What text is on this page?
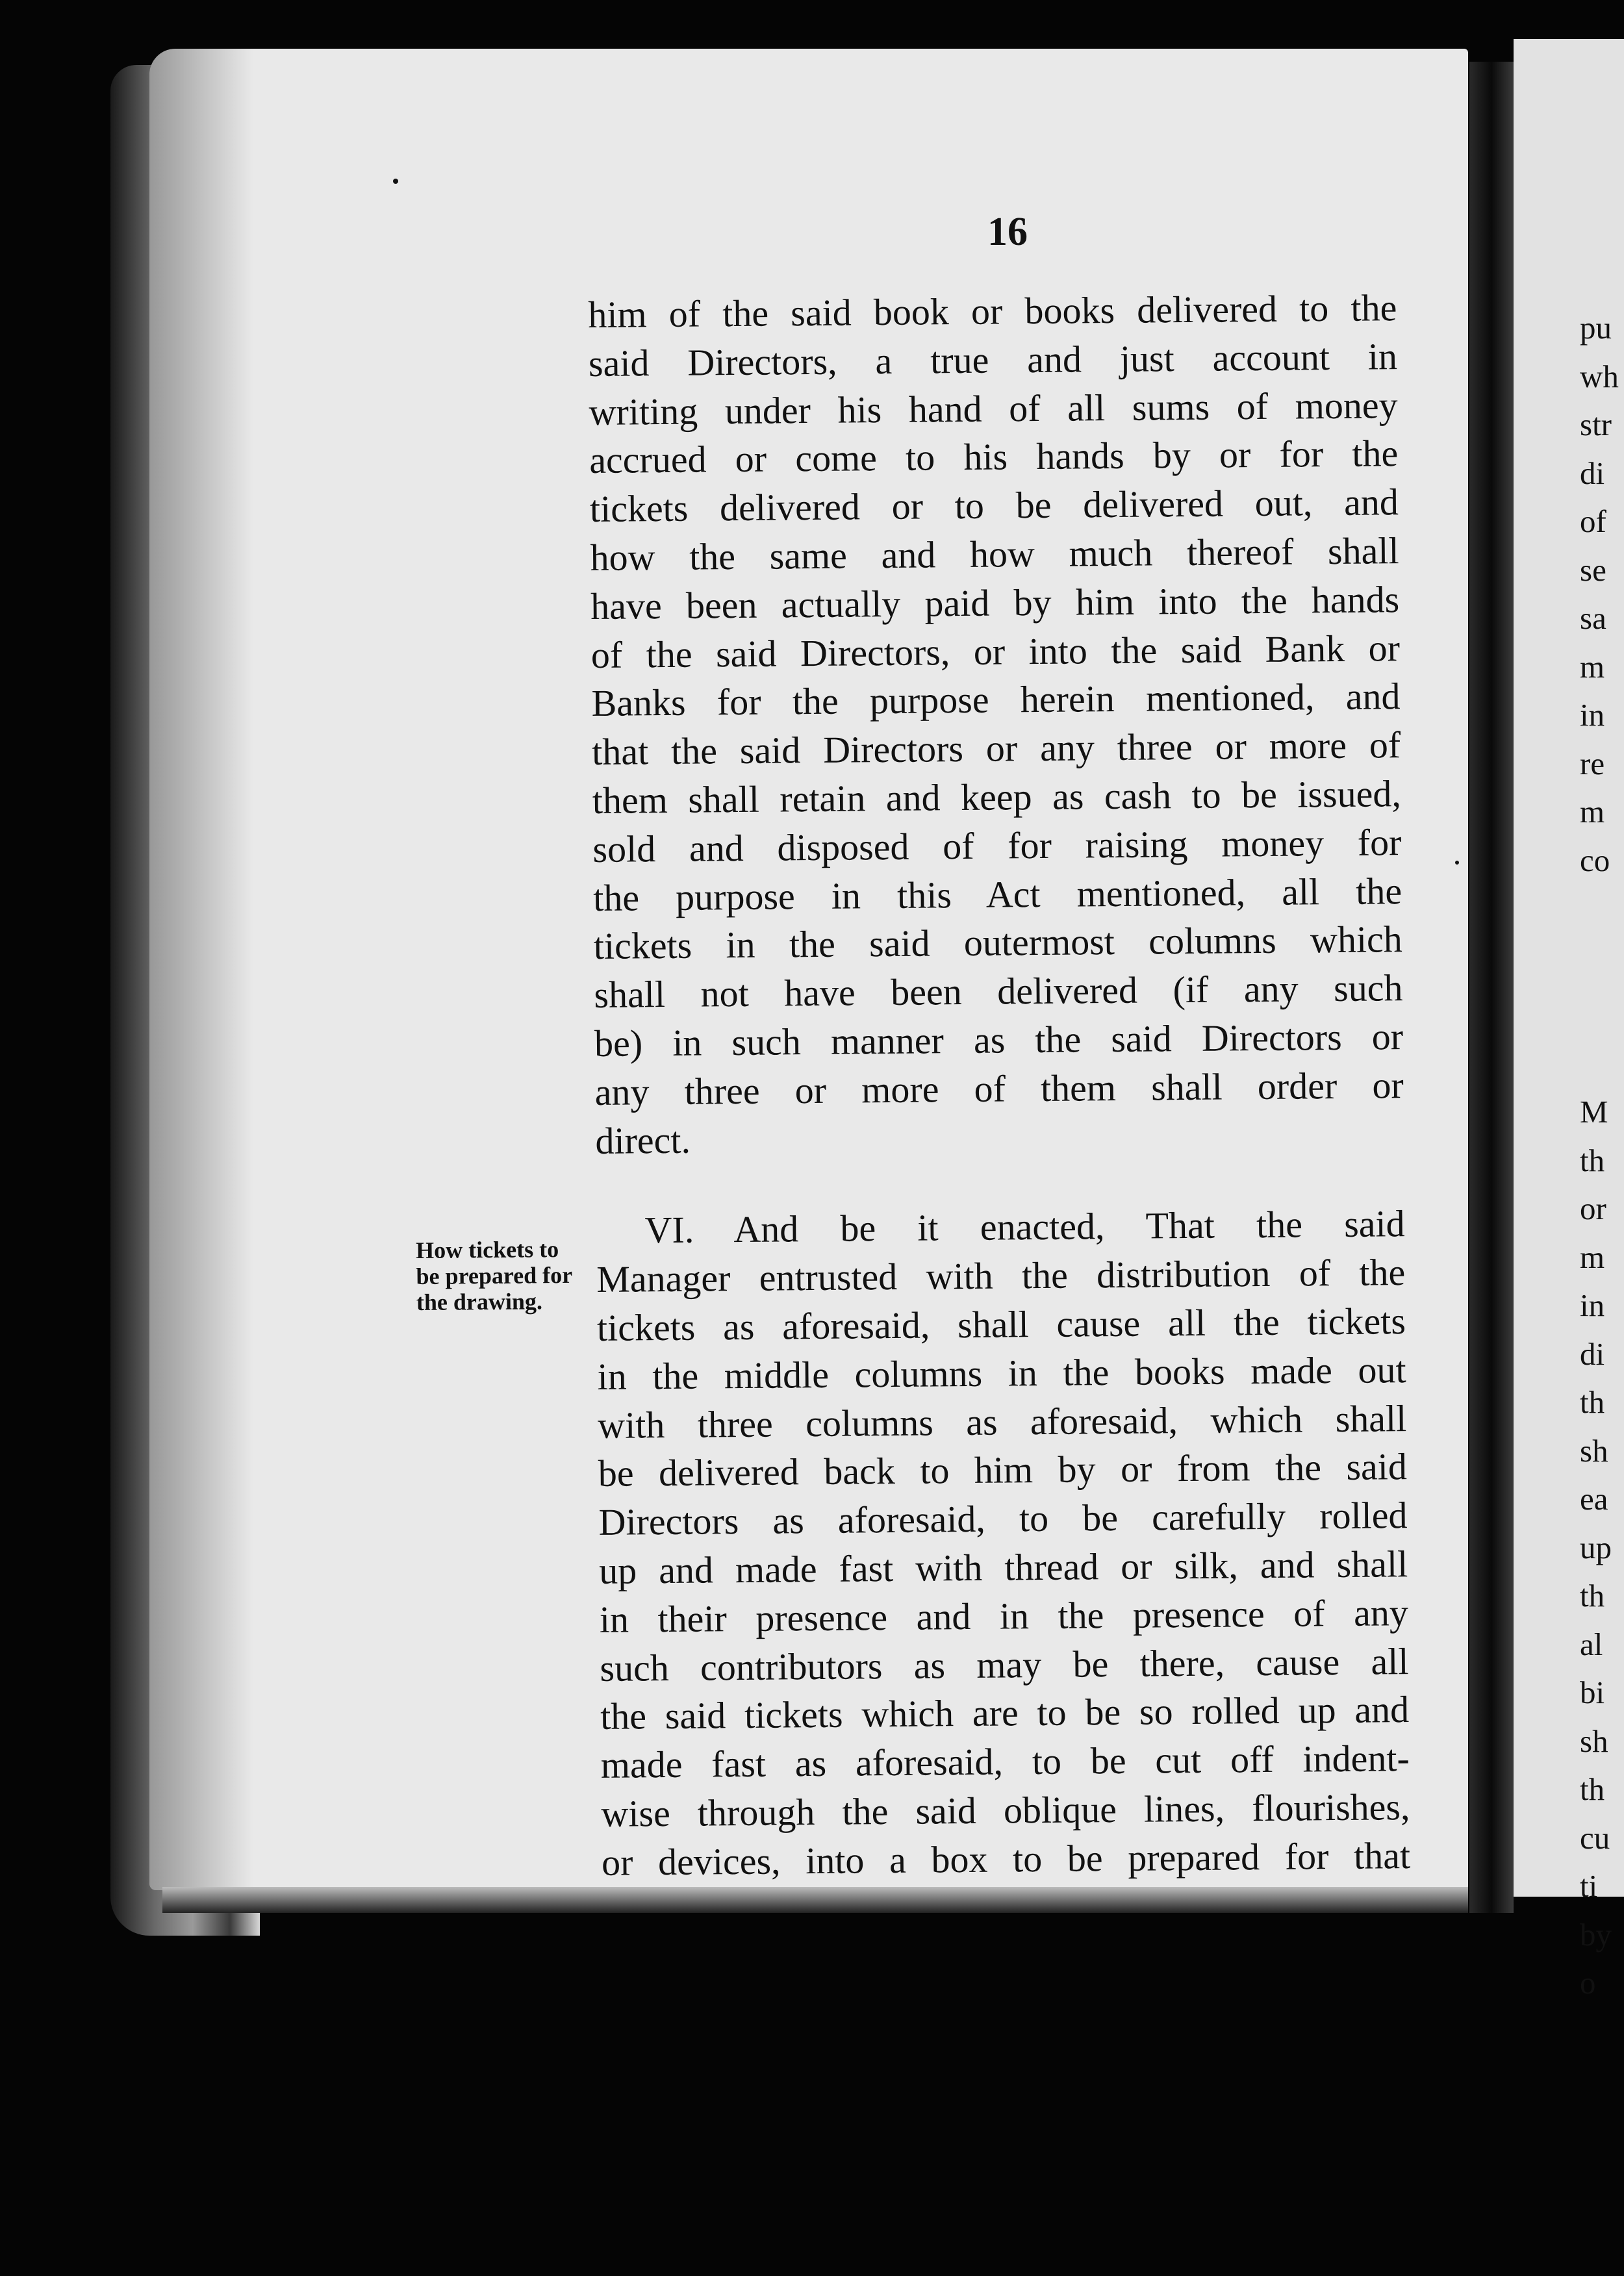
16
How tickets to
be prepared for
the drawing.
him of the said book or books delivered to the
said Directors, a true and just account in
writing under his hand of all sums of money
accrued or come to his hands by or for the
tickets delivered or to be delivered out, and
how the same and how much thereof shall
have been actually paid by him into the hands
of the said Directors, or into the said Bank or
Banks for the purpose herein mentioned, and
that the said Directors or any three or more of
them shall retain and keep as cash to be issued,
sold and disposed of for raising money for
the purpose in this Act mentioned, all the
tickets in the said outermost columns which
shall not have been delivered (if any such
be) in such manner as the said Directors or
any three or more of them shall order or
direct.
VI. And be it enacted, That the said
Manager entrusted with the distribution of the
tickets as aforesaid, shall cause all the tickets
in the middle columns in the books made out
with three columns as aforesaid, which shall
be delivered back to him by or from the said
Directors as aforesaid, to be carefully rolled
up and made fast with thread or silk, and shall
in their presence and in the presence of any
such contributors as may be there, cause all
the said tickets which are to be so rolled up and
made fast as aforesaid, to be cut off indent-
wise through the said oblique lines, flourishes,
or devices, into a box to be prepared for that
pu
wh
str
di
of
se
sa
m
in
re
m
co
M
th
or
m
in
di
th
sh
ea
up
th
al
bi
sh
th
cu
ti
by
o
